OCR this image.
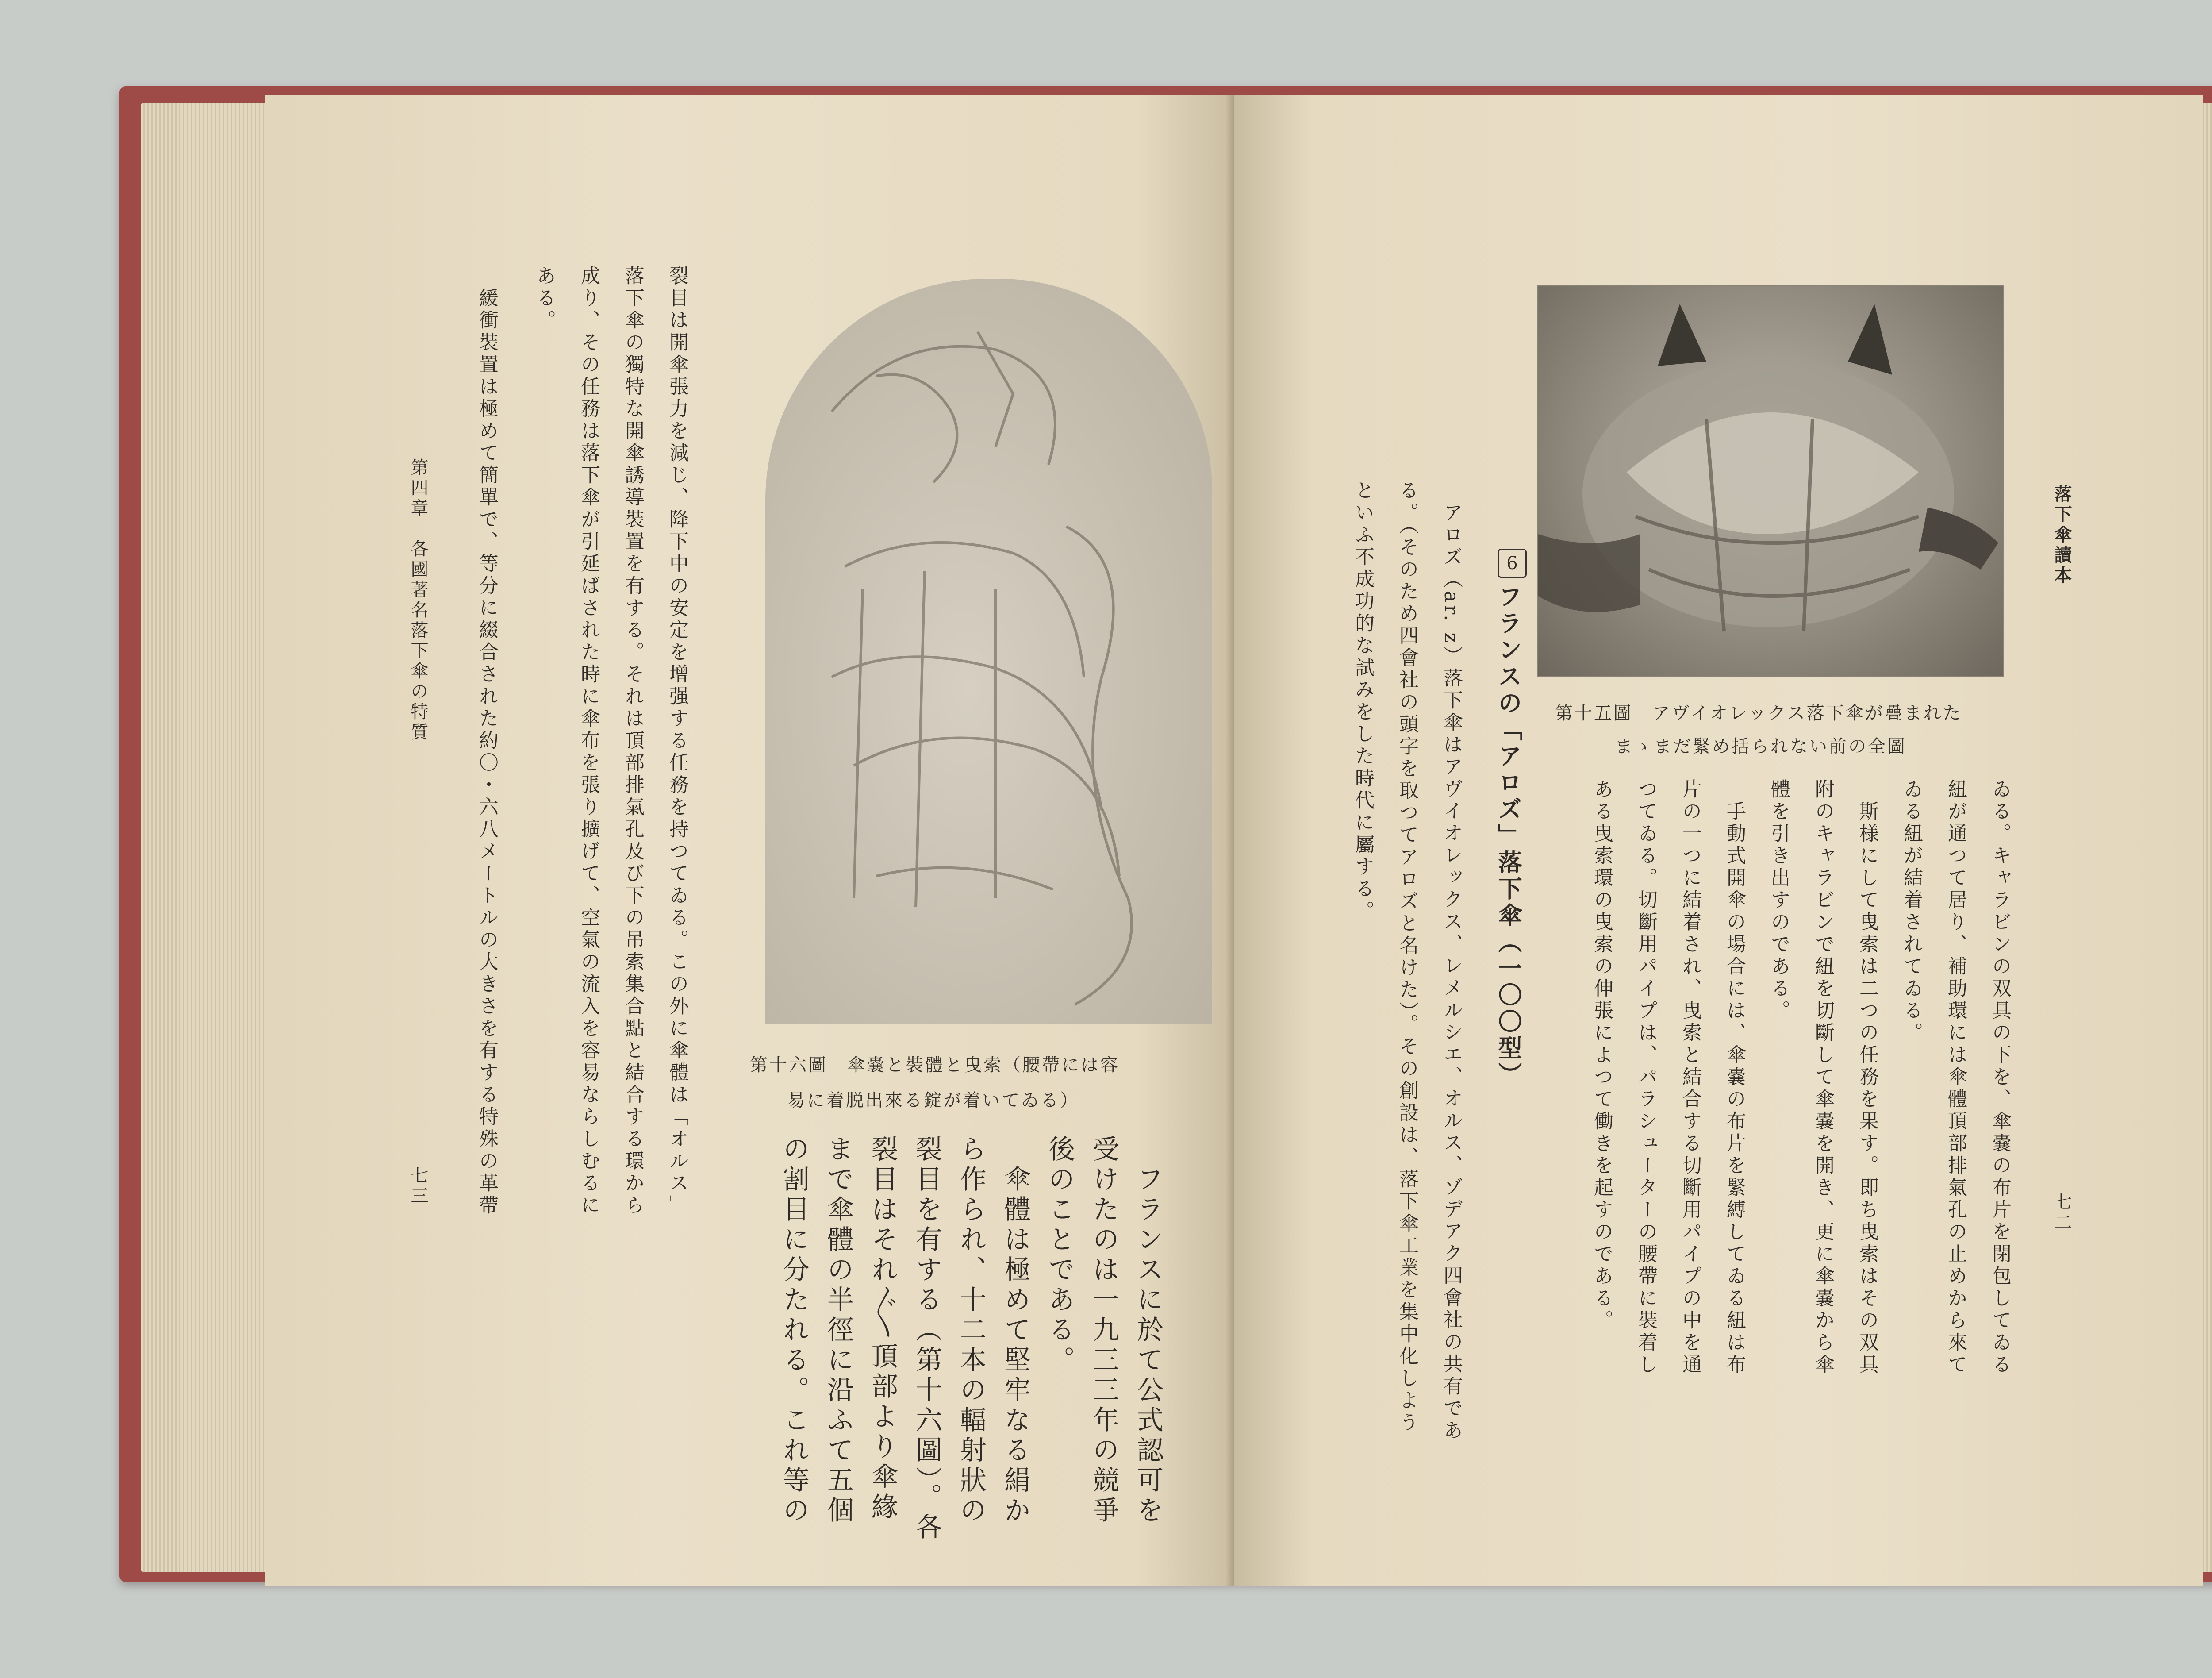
第十六圖　傘嚢と裝體と曳索（腰帶には容
易に着脱出來る錠が着いてゐる）
　フランスに於て公式認可を
受けたのは一九三三年の競爭
後のことである。
　傘體は極めて堅牢なる絹か
ら作られ、十二本の輻射狀の
裂目を有する（第十六圖）。各
裂目はそれ〴〵頂部より傘緣
まで傘體の半徑に沿ふて五個
の割目に分たれる。これ等の
裂目は開傘張力を減じ、降下中の安定を增强する任務を持つてゐる。この外に傘體は「オルス」
落下傘の獨特な開傘誘導裝置を有する。それは頂部排氣孔及び下の吊索集合點と結合する環から
成り、その任務は落下傘が引延ばされた時に傘布を張り擴げて、空氣の流入を容易ならしむるに
ある。
　緩衝裝置は極めて簡單で、等分に綴合された約〇・六八メートルの大きさを有する特殊の革帶
第四章　各國著名落下傘の特質
七三
第十五圖　アヴイオレックス落下傘が疊まれた
まゝまだ緊め括られない前の全圖
落下傘讀本
七二
ゐる。キャラビンの双具の下を、傘嚢の布片を閉包してゐる
紐が通つて居り、補助環には傘體頂部排氣孔の止めから來て
ゐる紐が結着されてゐる。
　斯様にして曳索は二つの任務を果す。即ち曳索はその双具
附のキャラビンで紐を切斷して傘嚢を開き、更に傘嚢から傘
體を引き出すのである。
　手動式開傘の場合には、傘嚢の布片を緊縛してゐる紐は布
片の一つに結着され、曳索と結合する切斷用パイプの中を通
つてゐる。切斷用パイプは、パラシューターの腰帶に裝着し
ある曳索環の曳索の伸張によつて働きを起すのである。
6
フランスの「アロズ」落下傘（一〇〇型）
　アロズ（ar. z）落下傘はアヴイオレックス、レメルシエ、オルス、ゾデアク四會社の共有であ
る。（そのため四會社の頭字を取つてアロズと名けた）。その創設は、落下傘工業を集中化しよう
といふ不成功的な試みをした時代に屬する。
